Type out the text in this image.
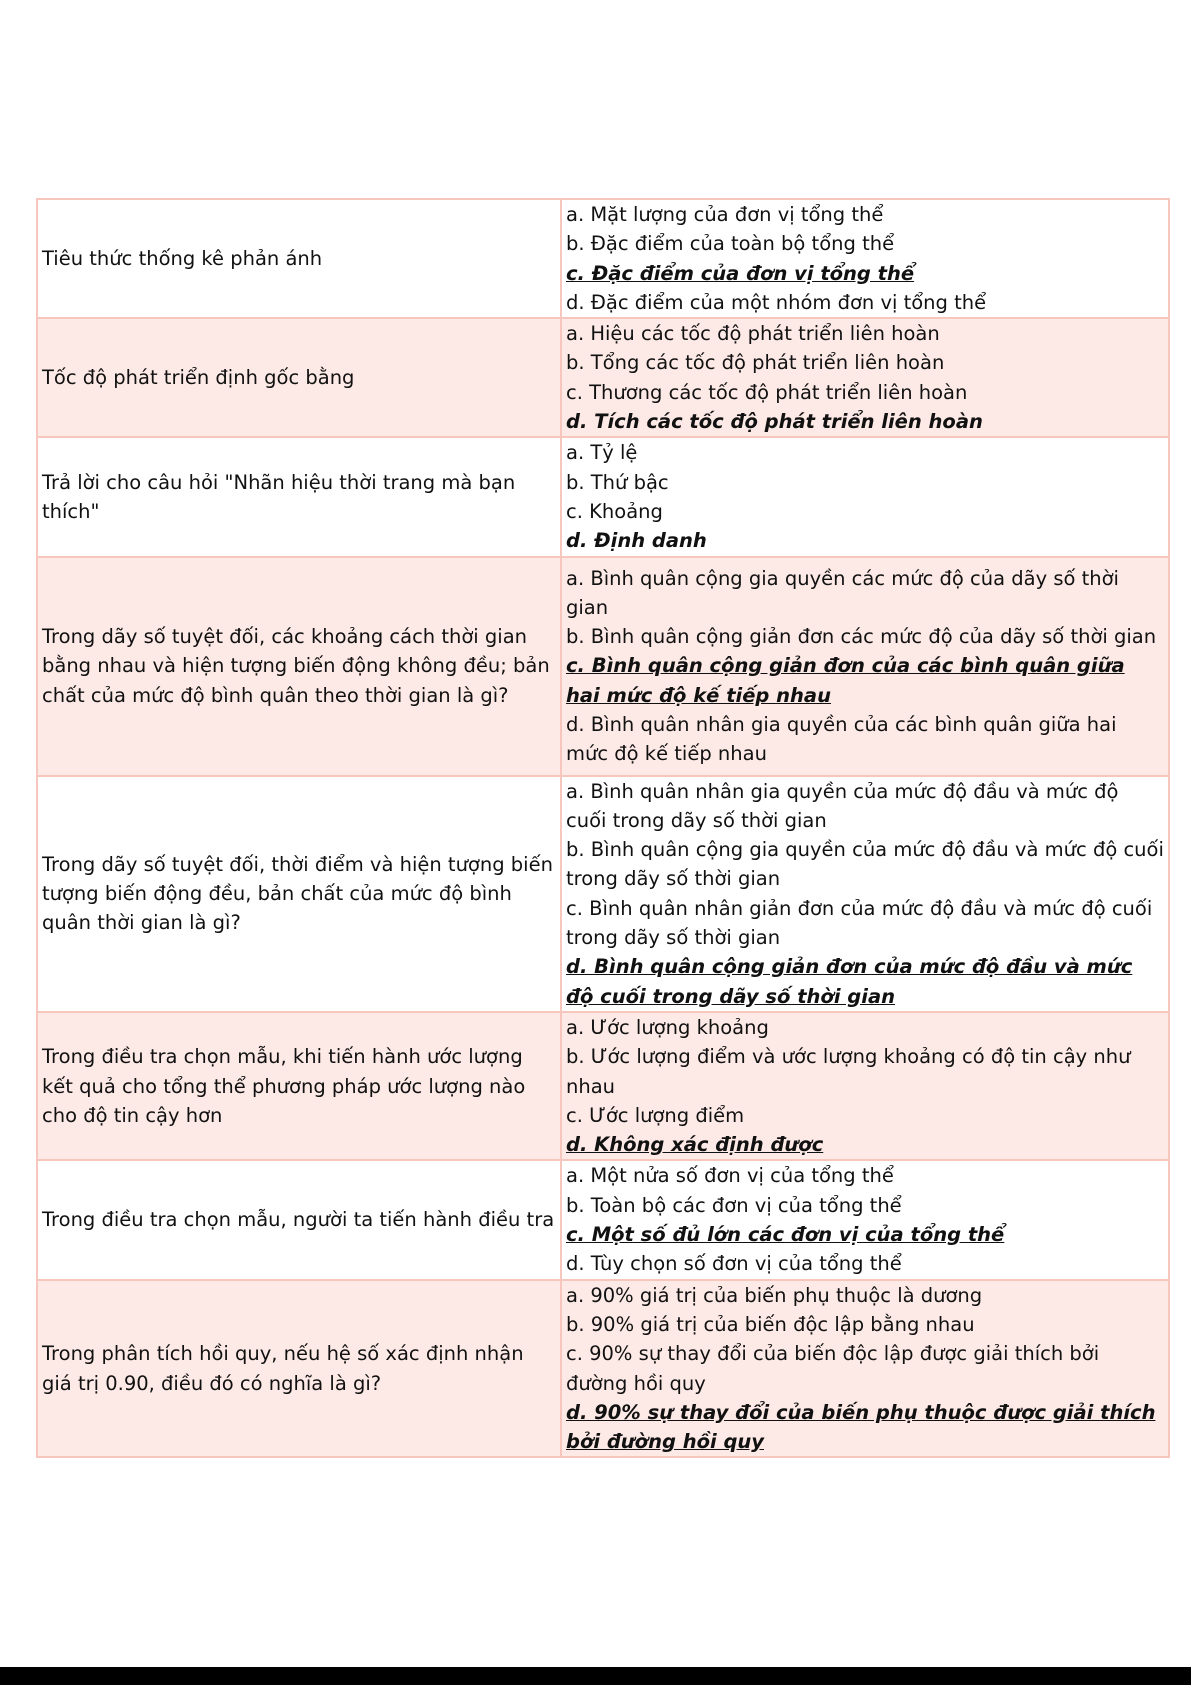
Tiêu thức thống kê phản ánh	a. Mặt lượng của đơn vị tổng thể
b. Đặc điểm của toàn bộ tổng thể
c. Đặc điểm của đơn vị tổng thể
d. Đặc điểm của một nhóm đơn vị tổng thể

Tốc độ phát triển định gốc bằng	a. Hiệu các tốc độ phát triển liên hoàn
b. Tổng các tốc độ phát triển liên hoàn
c. Thương các tốc độ phát triển liên hoàn
d. Tích các tốc độ phát triển liên hoàn

Trả lời cho câu hỏi "Nhãn hiệu thời trang mà bạn thích"	a. Tỷ lệ
b. Thứ bậc
c. Khoảng
d. Định danh

Trong dãy số tuyệt đối, các khoảng cách thời gian bằng nhau và hiện tượng biến động không đều; bản chất của mức độ bình quân theo thời gian là gì?	a. Bình quân cộng gia quyền các mức độ của dãy số thời gian
b. Bình quân cộng giản đơn các mức độ của dãy số thời gian
c. Bình quân cộng giản đơn của các bình quân giữa hai mức độ kế tiếp nhau
d. Bình quân nhân gia quyền của các bình quân giữa hai mức độ kế tiếp nhau

Trong dãy số tuyệt đối, thời điểm và hiện tượng biến tượng biến động đều, bản chất của mức độ bình quân thời gian là gì?	a. Bình quân nhân gia quyền của mức độ đầu và mức độ cuối trong dãy số thời gian
b. Bình quân cộng gia quyền của mức độ đầu và mức độ cuối trong dãy số thời gian
c. Bình quân nhân giản đơn của mức độ đầu và mức độ cuối trong dãy số thời gian
d. Bình quân cộng giản đơn của mức độ đầu và mức độ cuối trong dãy số thời gian

Trong điều tra chọn mẫu, khi tiến hành ước lượng kết quả cho tổng thể phương pháp ước lượng nào cho độ tin cậy hơn	a. Ước lượng khoảng
b. Ước lượng điểm và ước lượng khoảng có độ tin cậy như nhau
c. Ước lượng điểm
d. Không xác định được

Trong điều tra chọn mẫu, người ta tiến hành điều tra	a. Một nửa số đơn vị của tổng thể
b. Toàn bộ các đơn vị của tổng thể
c. Một số đủ lớn các đơn vị của tổng thể
d. Tùy chọn số đơn vị của tổng thể

Trong phân tích hồi quy, nếu hệ số xác định nhận giá trị 0.90, điều đó có nghĩa là gì?	a. 90% giá trị của biến phụ thuộc là dương
b. 90% giá trị của biến độc lập bằng nhau
c. 90% sự thay đổi của biến độc lập được giải thích bởi đường hồi quy
d. 90% sự thay đổi của biến phụ thuộc được giải thích bởi đường hồi quy
